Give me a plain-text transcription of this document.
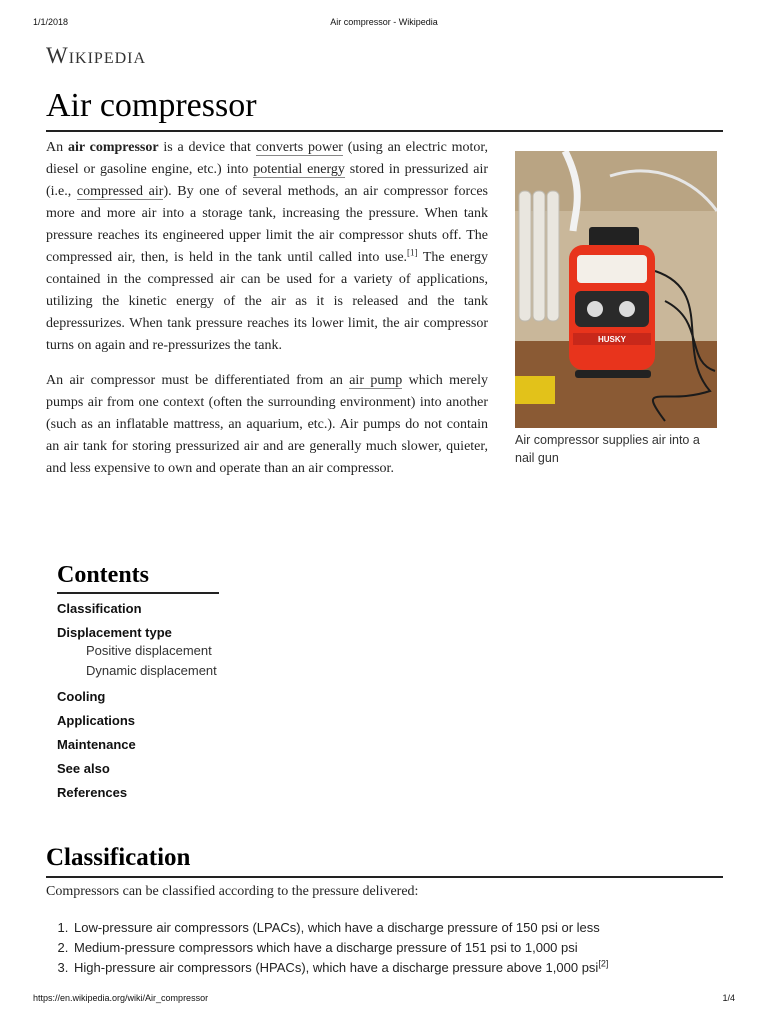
1/1/2018	Air compressor - Wikipedia
Wikipedia
Air compressor

An air compressor is a device that converts power (using an electric motor, diesel or gasoline engine, etc.) into potential energy stored in pressurized air (i.e., compressed air). By one of several methods, an air compressor forces more and more air into a storage tank, increasing the pressure. When tank pressure reaches its engineered upper limit the air compressor shuts off. The compressed air, then, is held in the tank until called into use.[1] The energy contained in the compressed air can be used for a variety of applications, utilizing the kinetic energy of the air as it is released and the tank depressurizes. When tank pressure reaches its lower limit, the air compressor turns on again and re-pressurizes the tank.

An air compressor must be differentiated from an air pump which merely pumps air from one context (often the surrounding environment) into another (such as an inflatable mattress, an aquarium, etc.). Air pumps do not contain an air tank for storing pressurized air and are generally much slower, quieter, and less expensive to own and operate than an air compressor.

HUSKY
Air compressor supplies air into a nail gun
Contents
Classification
Displacement type
Positive displacement
Dynamic displacement
Cooling
Applications
Maintenance
See also
References
Classification

Compressors can be classified according to the pressure delivered:

1. Low-pressure air compressors (LPACs), which have a discharge pressure of 150 psi or less
2. Medium-pressure compressors which have a discharge pressure of 151 psi to 1,000 psi
3. High-pressure air compressors (HPACs), which have a discharge pressure above 1,000 psi[2]
https://en.wikipedia.org/wiki/Air_compressor	1/4
